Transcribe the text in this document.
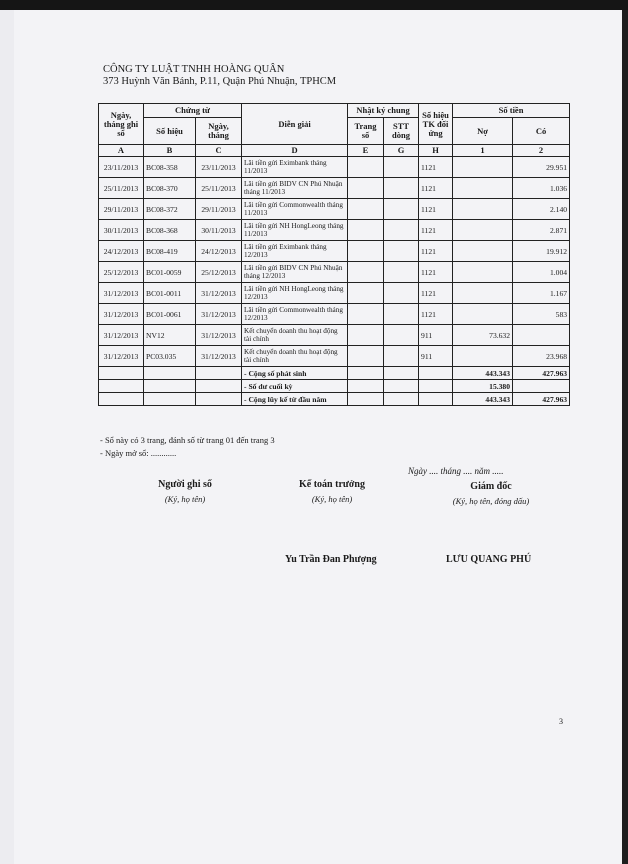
CÔNG TY LUẬT TNHH HOÀNG QUÂN
373 Huỳnh Văn Bánh, P.11, Quận Phú Nhuận, TPHCM
Ngày, tháng ghi sổ	Chứng từ		Diễn giải	Nhật ký chung		Số hiệu TK đối ứng	Số tiền	
	Số hiệu	Ngày, tháng		Trang số	STT dòng		Nợ	Có
A	B	C	D	E	G	H	1	2
23/11/2013	BC08-358	23/11/2013	Lãi tiền gửi Eximbank tháng 11/2013			1121		29.951
25/11/2013	BC08-370	25/11/2013	Lãi tiền gửi BIDV CN Phú Nhuận tháng 11/2013			1121		1.036
29/11/2013	BC08-372	29/11/2013	Lãi tiền gửi Commonwealth tháng 11/2013			1121		2.140
30/11/2013	BC08-368	30/11/2013	Lãi tiền gửi NH HongLeong tháng 11/2013			1121		2.871
24/12/2013	BC08-419	24/12/2013	Lãi tiền gửi Eximbank tháng 12/2013			1121		19.912
25/12/2013	BC01-0059	25/12/2013	Lãi tiền gửi BIDV CN Phú Nhuận tháng 12/2013			1121		1.004
31/12/2013	BC01-0011	31/12/2013	Lãi tiền gửi NH HongLeong tháng 12/2013			1121		1.167
31/12/2013	BC01-0061	31/12/2013	Lãi tiền gửi Commonwealth tháng 12/2013			1121		583
31/12/2013	NV12	31/12/2013	Kết chuyển doanh thu hoạt động tài chính			911	73.632	
31/12/2013	PC03.035	31/12/2013	Kết chuyển doanh thu hoạt động tài chính			911		23.968
			- Cộng số phát sinh				443.343	427.963
			- Số dư cuối kỳ				15.380	
			- Cộng lũy kế từ đầu năm				443.343	427.963
- Sổ này có 3 trang, đánh số từ trang 01 đến trang 3
- Ngày mở sổ: ............
Ngày .... tháng .... năm .....
Người ghi sổ
(Ký, họ tên)
Kế toán trưởng
(Ký, họ tên)
Giám đốc
(Ký, họ tên, đóng dấu)
Yu Trần Đan Phượng	LƯU QUANG PHÚ
3
